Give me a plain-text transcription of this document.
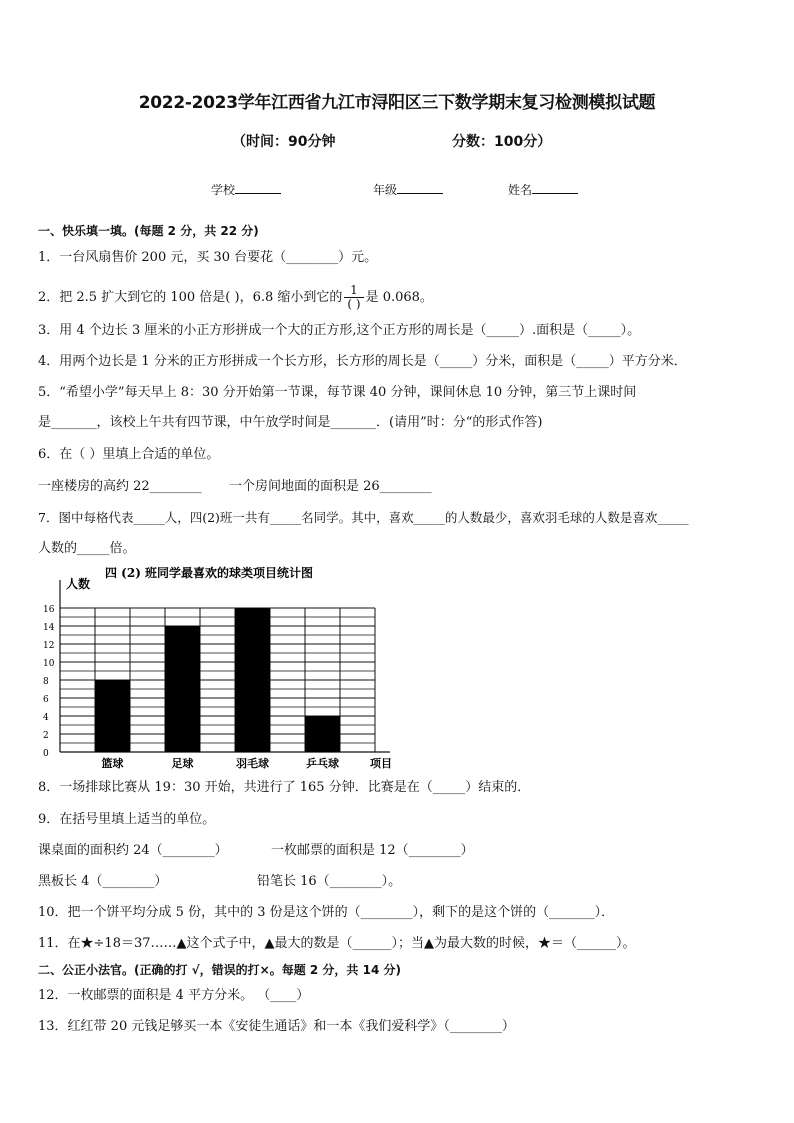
2022-2023学年江西省九江市浔阳区三下数学期末复习检测模拟试题
（时间：90分钟	分数：100分）
学校	年级	姓名
一、快乐填一填。(每题 2 分，共 22 分)
1．一台风扇售价 200 元，买 30 台要花（________）元。
2．把 2.5 扩大到它的 100 倍是( )，6.8 缩小到它的 $\frac{1}{( )}$ 是 0.068。
3．用 4 个边长 3 厘米的小正方形拼成一个大的正方形,这个正方形的周长是（_____）.面积是（_____）。
4．用两个边长是 1 分米的正方形拼成一个长方形，长方形的周长是（_____）分米，面积是（_____）平方分米．
5．“希望小学”每天早上 8：30 分开始第一节课，每节课 40 分钟，课间休息 10 分钟，第三节上课时间
是_______，该校上午共有四节课，中午放学时间是_______．(请用”时：分“的形式作答)
6．在（ ）里填上合适的单位。
一座楼房的高约 22________ 一个房间地面的面积是 26________
7．图中每格代表_____人，四(2)班一共有_____名同学。其中，喜欢_____的人数最少，喜欢羽毛球的人数是喜欢_____
人数的_____倍。
四 (2) 班同学最喜欢的球类项目统计图
人数
0
2
4
6
8
10
12
14
16
篮球	足球	羽毛球	乒乓球	项目
8．一场排球比赛从 19：30 开始，共进行了 165 分钟．比赛是在（_____）结束的．
9．在括号里填上适当的单位。
课桌面的面积约 24（________）	一枚邮票的面积是 12（________）
黑板长 4（________）	铅笔长 16（________）。
10．把一个饼平均分成 5 份，其中的 3 份是这个饼的（________），剩下的是这个饼的（_______）．
11．在★÷18＝37……▲这个式子中，▲最大的数是（______）；当▲为最大数的时候，★＝（______）。
二、公正小法官。(正确的打 √，错误的打×。每题 2 分，共 14 分)
12．一枚邮票的面积是 4 平方分米。 （____）
13．红红带 20 元钱足够买一本《安徒生通话》和一本《我们爱科学》（________）
